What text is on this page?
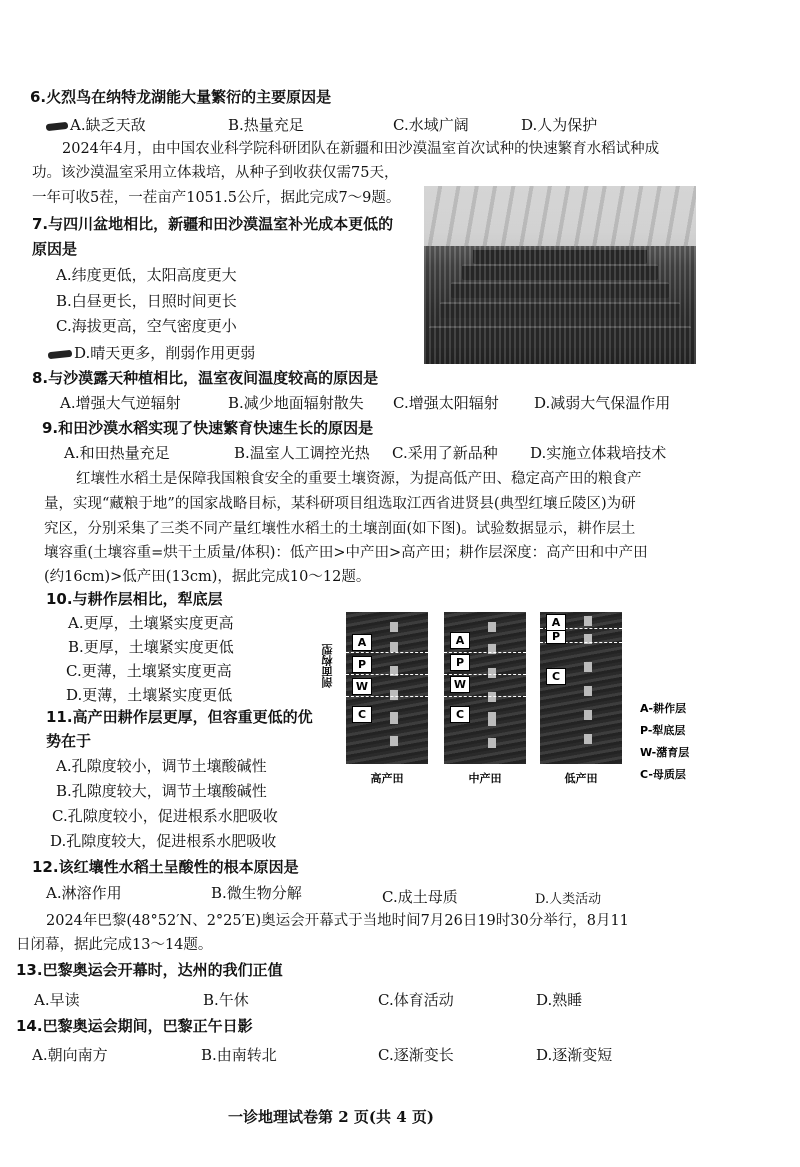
6.火烈鸟在纳特龙湖能大量繁衍的主要原因是
A.缺乏天敌	B.热量充足	C.水域广阔	D.人为保护
2024年4月，由中国农业科学院科研团队在新疆和田沙漠温室首次试种的快速繁育水稻试种成
功。该沙漠温室采用立体栽培，从种子到收获仅需75天，
一年可收5茬，一茬亩产1051.5公斤，据此完成7～9题。
7.与四川盆地相比，新疆和田沙漠温室补光成本更低的
原因是
A.纬度更低，太阳高度更大
B.白昼更长，日照时间更长
C.海拔更高，空气密度更小
D.晴天更多，削弱作用更弱
8.与沙漠露天种植相比，温室夜间温度较高的原因是
A.增强大气逆辐射	B.减少地面辐射散失 C.增强太阳辐射 D.减弱大气保温作用
9.和田沙漠水稻实现了快速繁育快速生长的原因是
A.和田热量充足	B.温室人工调控光热 C.采用了新品种 D.实施立体栽培技术
红壤性水稻土是保障我国粮食安全的重要土壤资源，为提高低产田、稳定高产田的粮食产
量，实现“藏粮于地”的国家战略目标，某科研项目组选取江西省进贤县(典型红壤丘陵区)为研
究区，分别采集了三类不同产量红壤性水稻土的土壤剖面(如下图)。试验数据显示，耕作层土
壤容重(土壤容重=烘干土质量/体积)：低产田>中产田>高产田；耕作层深度：高产田和中产田
(约16cm)>低产田(13cm)，据此完成10～12题。
10.与耕作层相比，犁底层
A.更厚，土壤紧实度更高
B.更厚，土壤紧实度更低
C.更薄，土壤紧实度更高
D.更薄，土壤紧实度更低
11.高产田耕作层更厚，但容重更低的优
势在于
A.孔隙度较小，调节土壤酸碱性
B.孔隙度较大，调节土壤酸碱性
C.孔隙度较小，促进根系水肥吸收
D.孔隙度较大，促进根系水肥吸收
剖面构型
A
P
W
C
高产田
A
P
W
C
中产田
A
P
C
低产田
A-耕作层
P-犁底层
W-潴育层
C-母质层
12.该红壤性水稻土呈酸性的根本原因是
A.淋溶作用	B.微生物分解	C.成土母质	D.人类活动
2024年巴黎(48°52′N、2°25′E)奥运会开幕式于当地时间7月26日19时30分举行，8月11
日闭幕，据此完成13～14题。
13.巴黎奥运会开幕时，达州的我们正值
A.早读	B.午休	C.体育活动	D.熟睡
14.巴黎奥运会期间，巴黎正午日影
A.朝向南方	B.由南转北	C.逐渐变长	D.逐渐变短
一诊地理试卷第 2 页(共 4 页)
